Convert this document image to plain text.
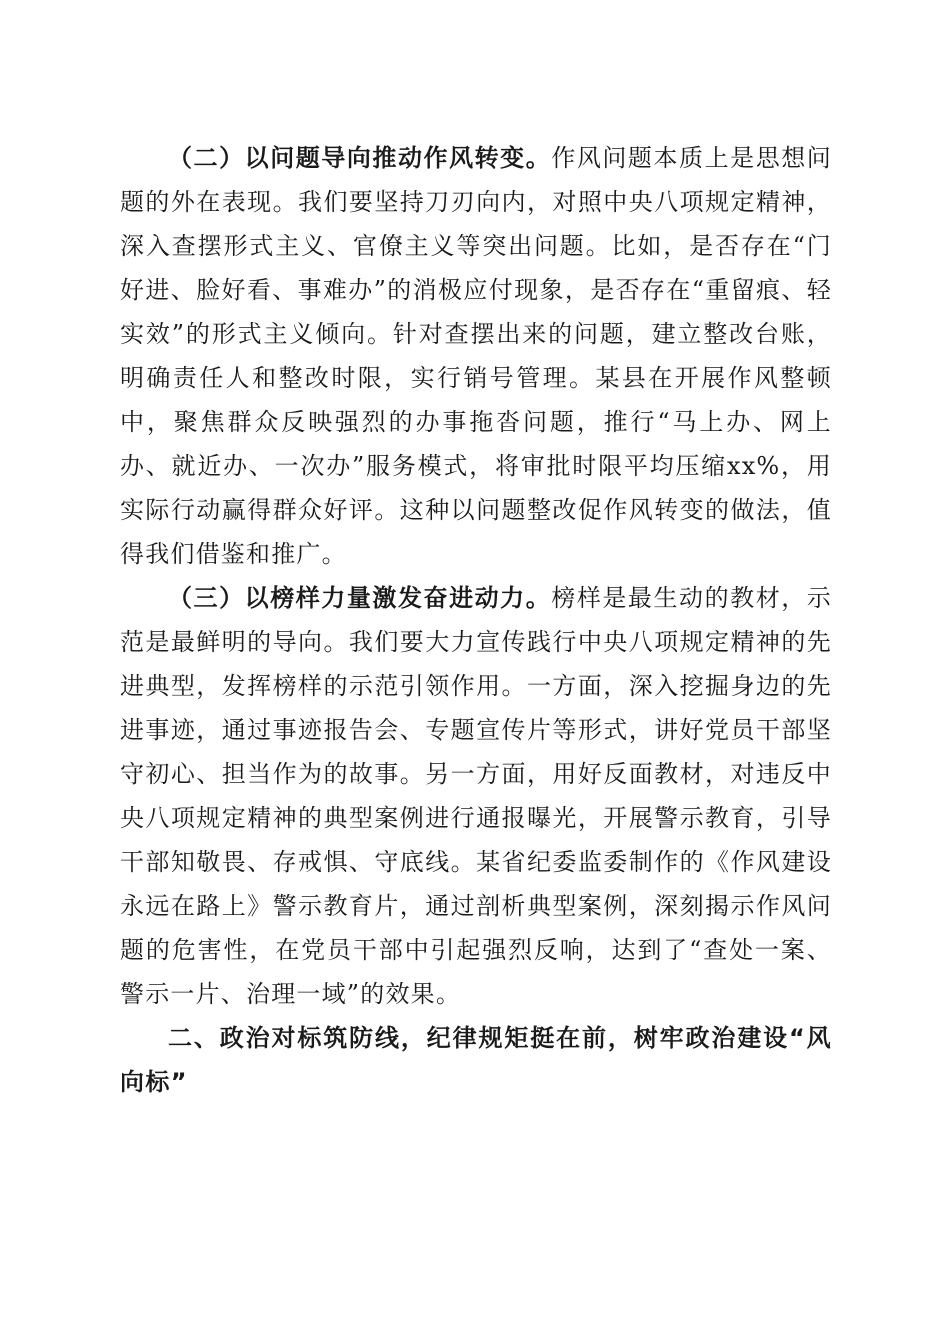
（二）以问题导向推动作风转变。作风问题本质上是思想问题的外在表现。我们要坚持刀刃向内，对照中央八项规定精神，深入查摆形式主义、官僚主义等突出问题。比如，是否存在“门好进、脸好看、事难办”的消极应付现象，是否存在“重留痕、轻实效”的形式主义倾向。针对查摆出来的问题，建立整改台账，明确责任人和整改时限，实行销号管理。某县在开展作风整顿中，聚焦群众反映强烈的办事拖沓问题，推行“马上办、网上办、就近办、一次办”服务模式，将审批时限平均压缩xx%，用实际行动赢得群众好评。这种以问题整改促作风转变的做法，值得我们借鉴和推广。

（三）以榜样力量激发奋进动力。榜样是最生动的教材，示范是最鲜明的导向。我们要大力宣传践行中央八项规定精神的先进典型，发挥榜样的示范引领作用。一方面，深入挖掘身边的先进事迹，通过事迹报告会、专题宣传片等形式，讲好党员干部坚守初心、担当作为的故事。另一方面，用好反面教材，对违反中央八项规定精神的典型案例进行通报曝光，开展警示教育，引导干部知敬畏、存戒惧、守底线。某省纪委监委制作的《作风建设永远在路上》警示教育片，通过剖析典型案例，深刻揭示作风问题的危害性，在党员干部中引起强烈反响，达到了“查处一案、警示一片、治理一域”的效果。

二、政治对标筑防线，纪律规矩挺在前，树牢政治建设“风向标”
